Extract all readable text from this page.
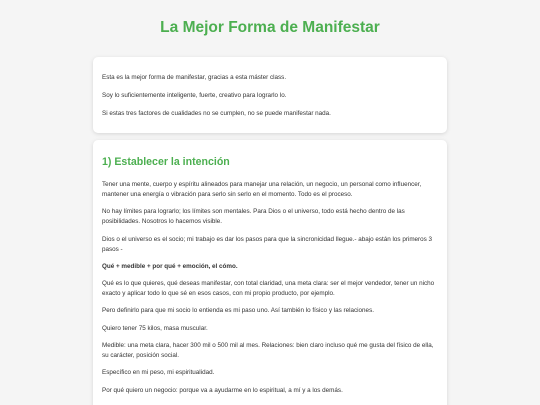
La Mejor Forma de Manifestar

Esta es la mejor forma de manifestar, gracias a esta máster class.

Soy lo suficientemente inteligente, fuerte, creativo para lograrlo lo.

Si estas tres factores de cualidades no se cumplen, no se puede manifestar nada.

1) Establecer la intención

Tener una mente, cuerpo y espíritu alineados para manejar una relación, un negocio, un personal como influencer, mantener una energía o vibración para serlo sin serlo en el momento. Todo es el proceso.

No hay límites para lograrlo; los límites son mentales. Para Dios o el universo, todo está hecho dentro de las posibilidades. Nosotros lo hacemos visible.

Dios o el universo es el socio; mi trabajo es dar los pasos para que la sincronicidad llegue.- abajo están los primeros 3 pasos -

Qué + medible + por qué + emoción, el cómo.

Qué es lo que quieres, qué deseas manifestar, con total claridad, una meta clara: ser el mejor vendedor, tener un nicho exacto y aplicar todo lo que sé en esos casos, con mi propio producto, por ejemplo.

Pero definirlo para que mi socio lo entienda es mi paso uno. Así también lo físico y las relaciones.

Quiero tener 75 kilos, masa muscular.

Medible: una meta clara, hacer 300 mil o 500 mil al mes. Relaciones: bien claro incluso qué me gusta del físico de ella, su carácter, posición social.

Específico en mi peso, mi espiritualidad.

Por qué quiero un negocio: porque va a ayudarme en lo espiritual, a mí y a los demás.
